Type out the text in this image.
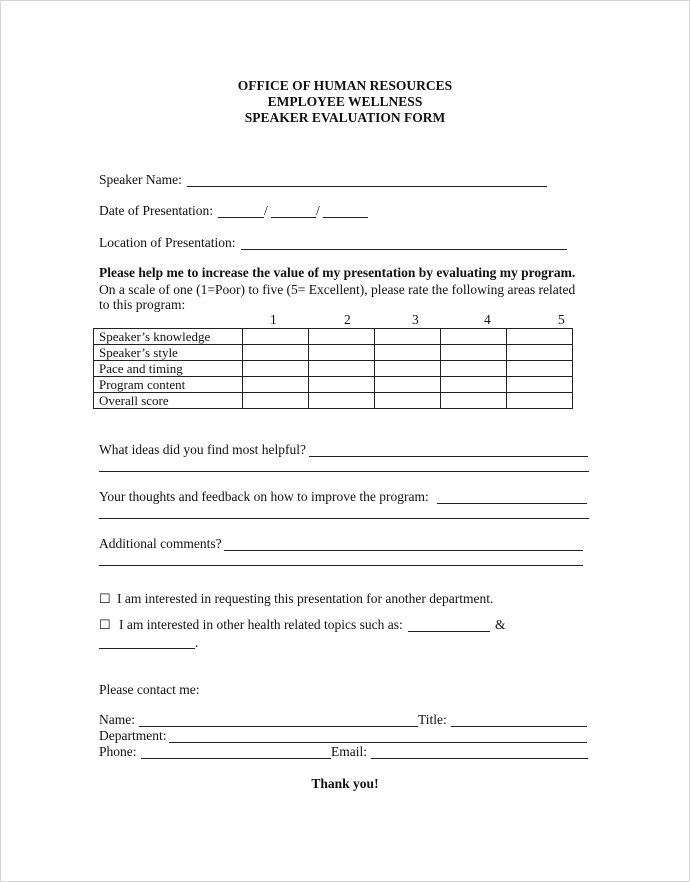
OFFICE OF HUMAN RESOURCES
EMPLOYEE WELLNESS
SPEAKER EVALUATION FORM
Speaker Name:
Date of Presentation:	/	/
Location of Presentation:
Please help me to increase the value of my presentation by evaluating my program.
On a scale of one (1=Poor) to five (5= Excellent), please rate the following areas related
to this program:
1	2	3	4	5
Speaker’s knowledge					
Speaker’s style					
Pace and timing					
Program content					
Overall score					
What ideas did you find most helpful?
Your thoughts and feedback on how to improve the program:
Additional comments?
☐ I am interested in requesting this presentation for another department.
☐ I am interested in other health related topics such as:	&
.
Please contact me:
Name:	Title:
Department:
Phone:	Email:
Thank you!
